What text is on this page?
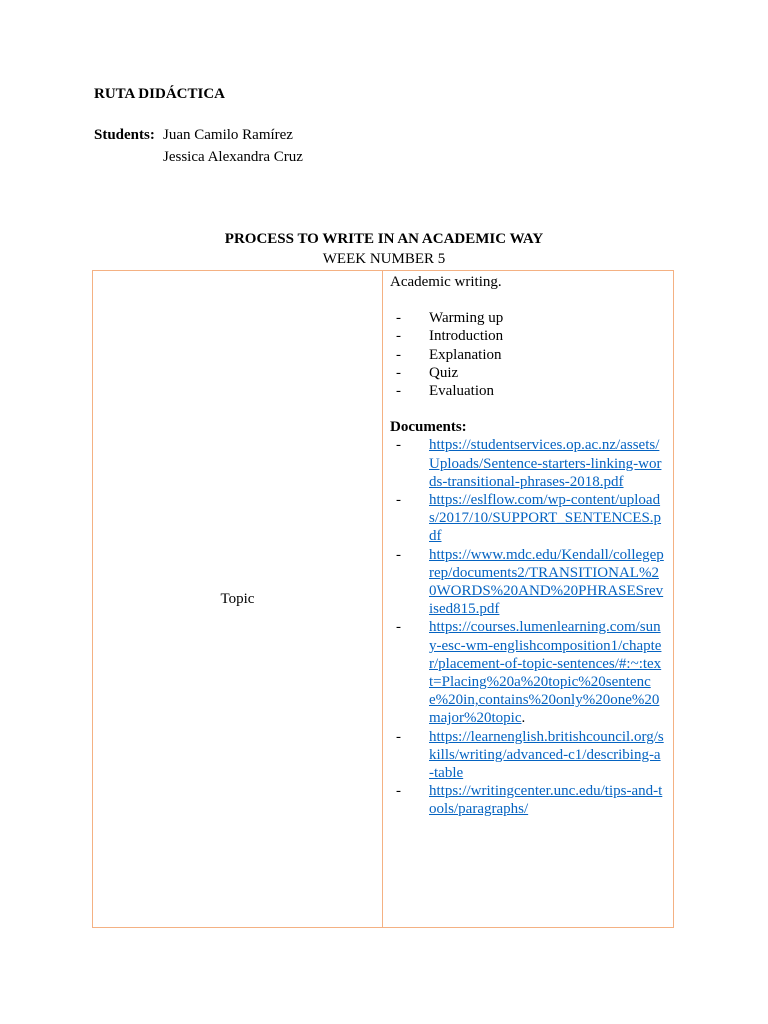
RUTA DIDÁCTICA
Students: Juan Camilo Ramírez
Jessica Alexandra Cruz
PROCESS TO WRITE IN AN ACADEMIC WAY
WEEK NUMBER 5
Topic
Academic writing.
- Warming up
- Introduction
- Explanation
- Quiz
- Evaluation
Documents:
- https://studentservices.op.ac.nz/assets/Uploads/Sentence-starters-linking-words-transitional-phrases-2018.pdf
- https://eslflow.com/wp-content/uploads/2017/10/SUPPORT_SENTENCES.pdf
- https://www.mdc.edu/Kendall/collegeprep/documents2/TRANSITIONAL%20WORDS%20AND%20PHRASESrevised815.pdf
- https://courses.lumenlearning.com/suny-esc-wm-englishcomposition1/chapter/placement-of-topic-sentences/#:~:text=Placing%20a%20topic%20sentence%20in,contains%20only%20one%20major%20topic.
- https://learnenglish.britishcouncil.org/skills/writing/advanced-c1/describing-a-table
- https://writingcenter.unc.edu/tips-and-tools/paragraphs/
